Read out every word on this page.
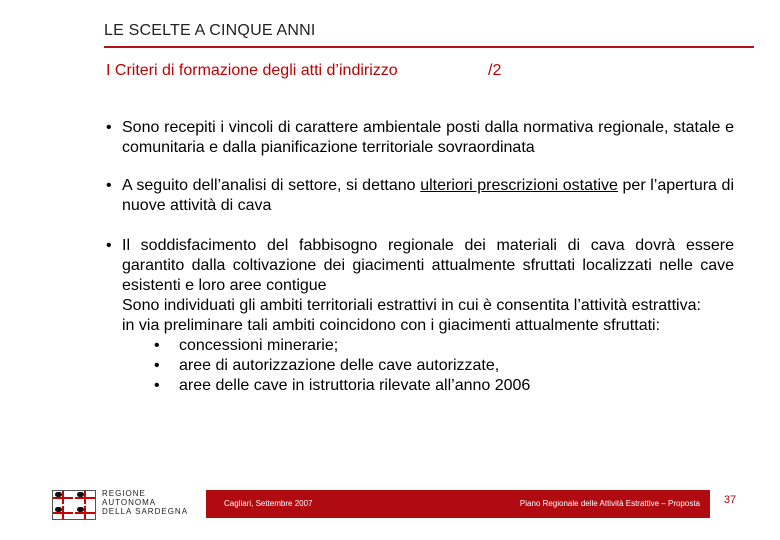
LE SCELTE A CINQUE ANNI
I Criteri di formazione degli atti d’indirizzo	/2
• Sono recepiti i vincoli di carattere ambientale posti dalla normativa regionale, statale e comunitaria e dalla pianificazione territoriale sovraordinata
• A seguito dell’analisi di settore, si dettano ulteriori prescrizioni ostative per l’apertura di nuove attività di cava
• Il soddisfacimento del fabbisogno regionale dei materiali di cava dovrà essere garantito dalla coltivazione dei giacimenti attualmente sfruttati localizzati nelle cave esistenti e loro aree contigue
Sono individuati gli ambiti territoriali estrattivi in cui è consentita l’attività estrattiva:
in via preliminare tali ambiti coincidono con i giacimenti attualmente sfruttati:
• concessioni minerarie;
• aree di autorizzazione delle cave autorizzate,
• aree delle cave in istruttoria rilevate all’anno 2006
REGIONE
AUTONOMA
DELLA SARDEGNA
Cagliari, Settembre 2007	Piano Regionale delle Attività Estrattive – Proposta	37
